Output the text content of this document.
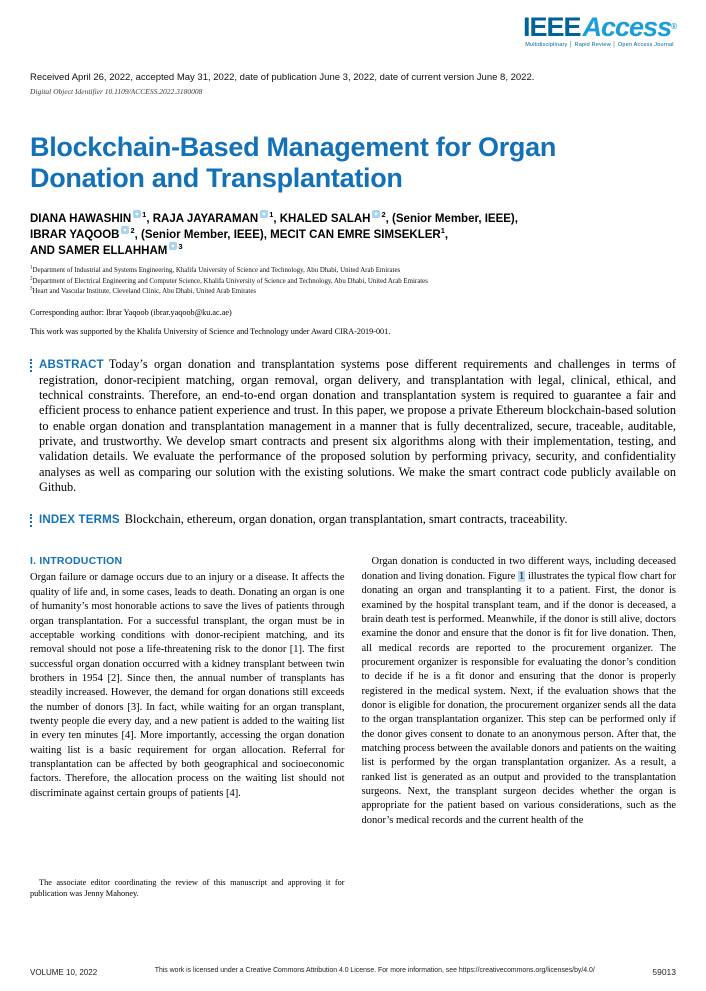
IEEEAccess®
Multidisciplinary │ Rapid Review │ Open Access Journal
Received April 26, 2022, accepted May 31, 2022, date of publication June 3, 2022, date of current version June 8, 2022.
Digital Object Identifier 10.1109/ACCESS.2022.3180008
Blockchain-Based Management for Organ
Donation and Transplantation
DIANA HAWASHIN $^1$, RAJA JAYARAMAN $^1$, KHALED SALAH $^2$, (Senior Member, IEEE),
IBRAR YAQOOB $^2$, (Senior Member, IEEE), MECIT CAN EMRE SIMSEKLER$^1$,
AND SAMER ELLAHHAM $^3$
$^1$Department of Industrial and Systems Engineering, Khalifa University of Science and Technology, Abu Dhabi, United Arab Emirates
$^2$Department of Electrical Engineering and Computer Science, Khalifa University of Science and Technology, Abu Dhabi, United Arab Emirates
$^3$Heart and Vascular Institute, Cleveland Clinic, Abu Dhabi, United Arab Emirates
Corresponding author: Ibrar Yaqoob (ibrar.yaqoob@ku.ac.ae)
This work was supported by the Khalifa University of Science and Technology under Award CIRA-2019-001.

ABSTRACT Today’s organ donation and transplantation systems pose different requirements and challenges in terms of registration, donor-recipient matching, organ removal, organ delivery, and transplantation with legal, clinical, ethical, and technical constraints. Therefore, an end-to-end organ donation and transplantation system is required to guarantee a fair and efficient process to enhance patient experience and trust. In this paper, we propose a private Ethereum blockchain-based solution to enable organ donation and transplantation management in a manner that is fully decentralized, secure, traceable, auditable, private, and trustworthy. We develop smart contracts and present six algorithms along with their implementation, testing, and validation details. We evaluate the performance of the proposed solution by performing privacy, security, and confidentiality analyses as well as comparing our solution with the existing solutions. We make the smart contract code publicly available on Github.

INDEX TERMS Blockchain, ethereum, organ donation, organ transplantation, smart contracts, traceability.

I. INTRODUCTION

Organ failure or damage occurs due to an injury or a disease. It affects the quality of life and, in some cases, leads to death. Donating an organ is one of humanity’s most honorable actions to save the lives of patients through organ transplantation. For a successful transplant, the organ must be in acceptable working conditions with donor-recipient matching, and its removal should not pose a life-threatening risk to the donor [1]. The first successful organ donation occurred with a kidney transplant between twin brothers in 1954 [2]. Since then, the annual number of transplants has steadily increased. However, the demand for organ donations still exceeds the number of donors [3]. In fact, while waiting for an organ transplant, twenty people die every day, and a new patient is added to the waiting list in every ten minutes [4]. More importantly, accessing the organ donation waiting list is a basic requirement for organ allocation. Referral for transplantation can be affected by both geographical and socioeconomic factors. Therefore, the allocation process on the waiting list should not discriminate against certain groups of patients [4].

The associate editor coordinating the review of this manuscript and approving it for publication was Jenny Mahoney.

Organ donation is conducted in two different ways, including deceased donation and living donation. Figure 1 illustrates the typical flow chart for donating an organ and transplanting it to a patient. First, the donor is examined by the hospital transplant team, and if the donor is deceased, a brain death test is performed. Meanwhile, if the donor is still alive, doctors examine the donor and ensure that the donor is fit for live donation. Then, all medical records are reported to the procurement organizer. The procurement organizer is responsible for evaluating the donor’s condition to decide if he is a fit donor and ensuring that the donor is properly registered in the medical system. Next, if the evaluation shows that the donor is eligible for donation, the procurement organizer sends all the data to the organ transplantation organizer. This step can be performed only if the donor gives consent to donate to an anonymous person. After that, the matching process between the available donors and patients on the waiting list is performed by the organ transplantation organizer. As a result, a ranked list is generated as an output and provided to the transplantation surgeons. Next, the transplant surgeon decides whether the organ is appropriate for the patient based on various considerations, such as the donor’s medical records and the current health of the

VOLUME 10, 2022	This work is licensed under a Creative Commons Attribution 4.0 License. For more information, see https://creativecommons.org/licenses/by/4.0/	59013
